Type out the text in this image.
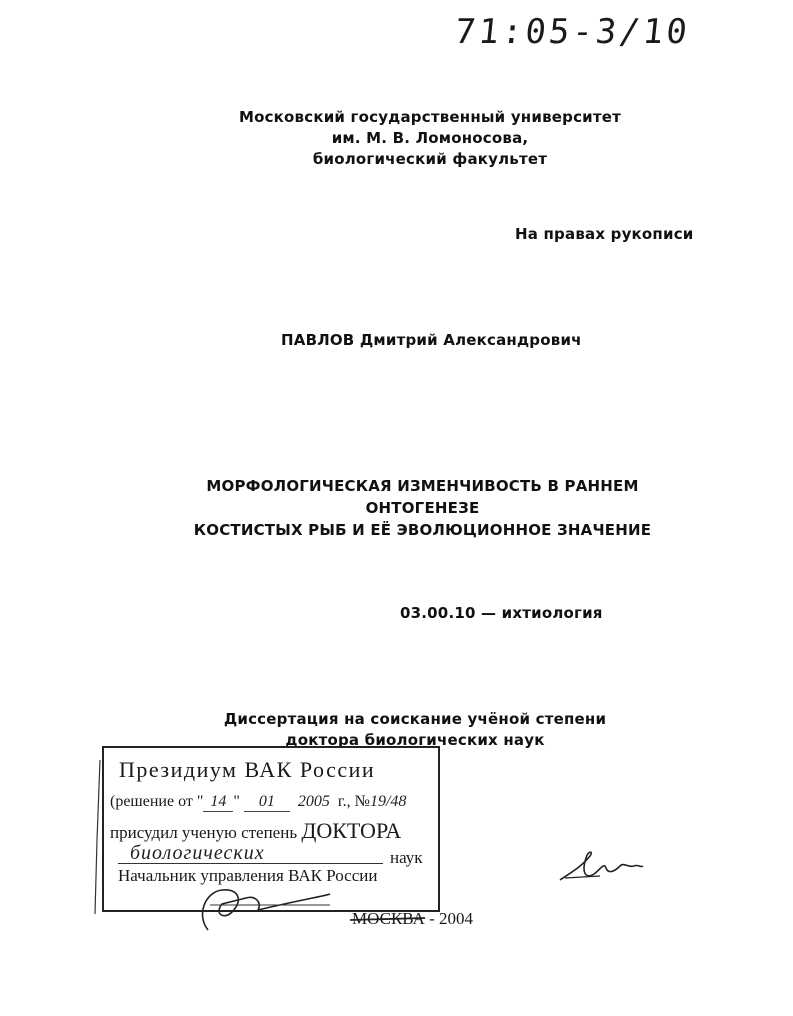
71:05-3/10
Московский государственный университет
им. М. В. Ломоносова,
биологический факультет
На правах рукописи
ПАВЛОВ Дмитрий Александрович
МОРФОЛОГИЧЕСКАЯ ИЗМЕНЧИВОСТЬ В РАННЕМ ОНТОГЕНЕЗЕ
КОСТИСТЫХ РЫБ И ЕЁ ЭВОЛЮЦИОННОЕ ЗНАЧЕНИЕ
03.00.10 — ихтиология
Диссертация на соискание учёной степени
доктора биологических наук
Президиум ВАК России
(решение от " 14 " 01 2005 г., №19/48
присудил ученую степень ДОКТОРА
биологических	наук
Начальник управления ВАК России
МОСКВА - 2004
